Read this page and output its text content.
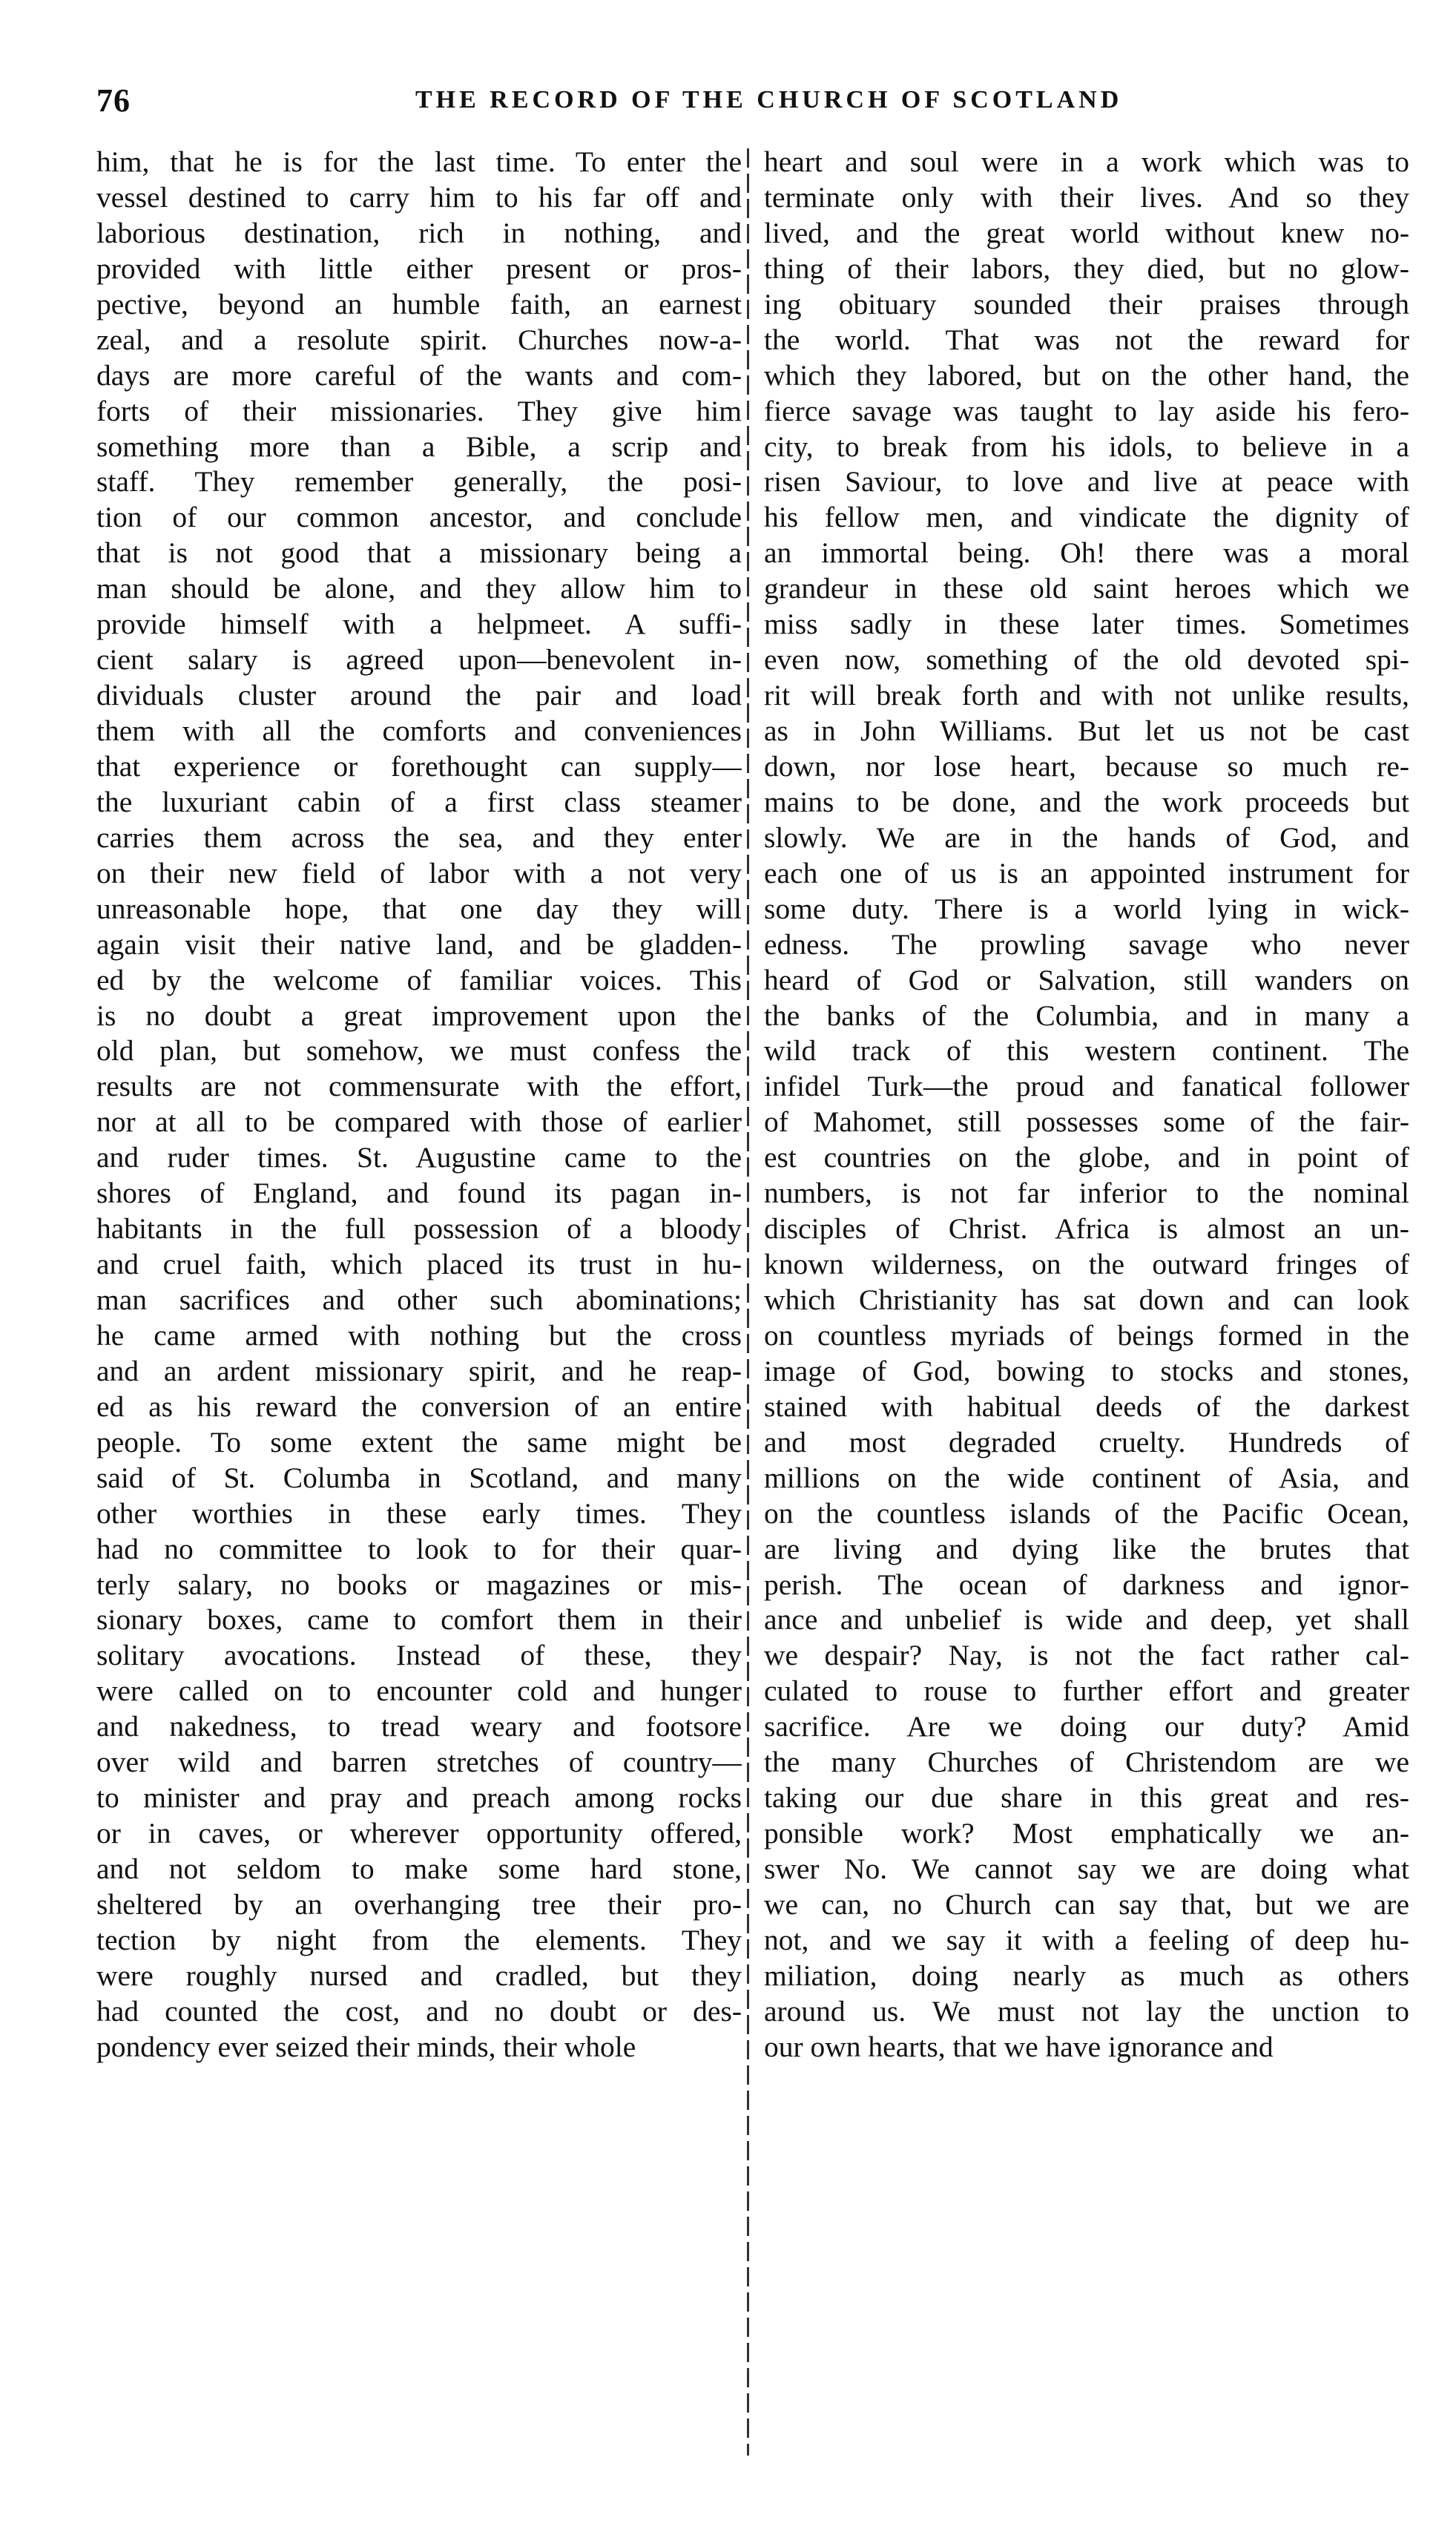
76	THE RECORD OF THE CHURCH OF SCOTLAND
him, that he is for the last time. To enter the
vessel destined to carry him to his far off and
laborious destination, rich in nothing, and
provided with little either present or pros-
pective, beyond an humble faith, an earnest
zeal, and a resolute spirit. Churches now-a-
days are more careful of the wants and com-
forts of their missionaries. They give him
something more than a Bible, a scrip and
staff. They remember generally, the posi-
tion of our common ancestor, and conclude
that is not good that a missionary being a
man should be alone, and they allow him to
provide himself with a helpmeet. A suffi-
cient salary is agreed upon—benevolent in-
dividuals cluster around the pair and load
them with all the comforts and conveniences
that experience or forethought can supply—
the luxuriant cabin of a first class steamer
carries them across the sea, and they enter
on their new field of labor with a not very
unreasonable hope, that one day they will
again visit their native land, and be gladden-
ed by the welcome of familiar voices. This
is no doubt a great improvement upon the
old plan, but somehow, we must confess the
results are not commensurate with the effort,
nor at all to be compared with those of earlier
and ruder times. St. Augustine came to the
shores of England, and found its pagan in-
habitants in the full possession of a bloody
and cruel faith, which placed its trust in hu-
man sacrifices and other such abominations;
he came armed with nothing but the cross
and an ardent missionary spirit, and he reap-
ed as his reward the conversion of an entire
people. To some extent the same might be
said of St. Columba in Scotland, and many
other worthies in these early times. They
had no committee to look to for their quar-
terly salary, no books or magazines or mis-
sionary boxes, came to comfort them in their
solitary avocations. Instead of these, they
were called on to encounter cold and hunger
and nakedness, to tread weary and footsore
over wild and barren stretches of country—
to minister and pray and preach among rocks
or in caves, or wherever opportunity offered,
and not seldom to make some hard stone,
sheltered by an overhanging tree their pro-
tection by night from the elements. They
were roughly nursed and cradled, but they
had counted the cost, and no doubt or des-
pondency ever seized their minds, their whole
heart and soul were in a work which was to
terminate only with their lives. And so they
lived, and the great world without knew no-
thing of their labors, they died, but no glow-
ing obituary sounded their praises through
the world. That was not the reward for
which they labored, but on the other hand, the
fierce savage was taught to lay aside his fero-
city, to break from his idols, to believe in a
risen Saviour, to love and live at peace with
his fellow men, and vindicate the dignity of
an immortal being. Oh! there was a moral
grandeur in these old saint heroes which we
miss sadly in these later times. Sometimes
even now, something of the old devoted spi-
rit will break forth and with not unlike results,
as in John Williams. But let us not be cast
down, nor lose heart, because so much re-
mains to be done, and the work proceeds but
slowly. We are in the hands of God, and
each one of us is an appointed instrument for
some duty. There is a world lying in wick-
edness. The prowling savage who never
heard of God or Salvation, still wanders on
the banks of the Columbia, and in many a
wild track of this western continent. The
infidel Turk—the proud and fanatical follower
of Mahomet, still possesses some of the fair-
est countries on the globe, and in point of
numbers, is not far inferior to the nominal
disciples of Christ. Africa is almost an un-
known wilderness, on the outward fringes of
which Christianity has sat down and can look
on countless myriads of beings formed in the
image of God, bowing to stocks and stones,
stained with habitual deeds of the darkest
and most degraded cruelty. Hundreds of
millions on the wide continent of Asia, and
on the countless islands of the Pacific Ocean,
are living and dying like the brutes that
perish. The ocean of darkness and ignor-
ance and unbelief is wide and deep, yet shall
we despair? Nay, is not the fact rather cal-
culated to rouse to further effort and greater
sacrifice. Are we doing our duty? Amid
the many Churches of Christendom are we
taking our due share in this great and res-
ponsible work? Most emphatically we an-
swer No. We cannot say we are doing what
we can, no Church can say that, but we are
not, and we say it with a feeling of deep hu-
miliation, doing nearly as much as others
around us. We must not lay the unction to
our own hearts, that we have ignorance and
